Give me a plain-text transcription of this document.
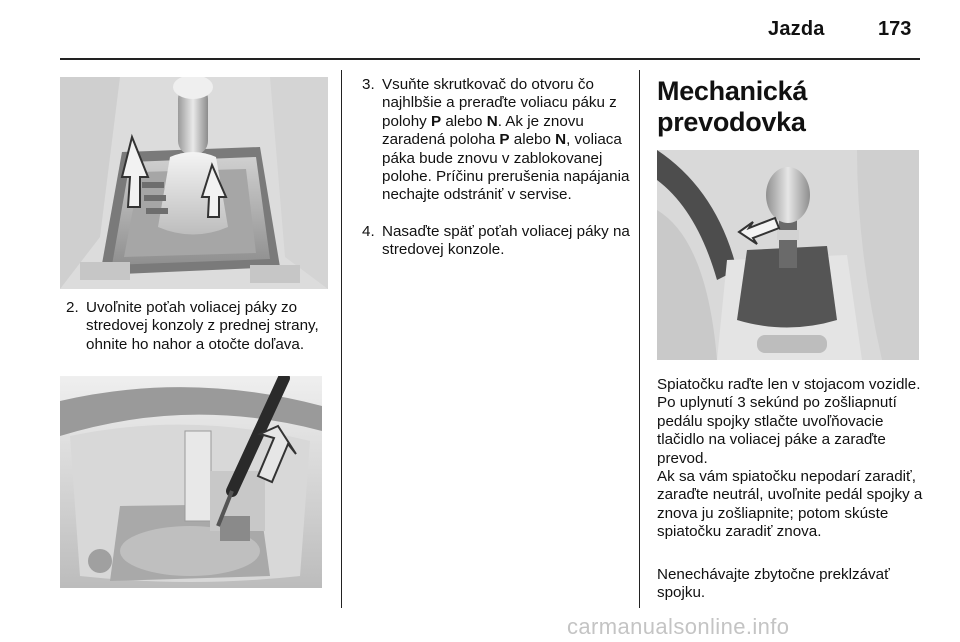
Jazda	173
2. Uvoľnite poťah voliacej páky zo stredovej konzoly z prednej strany, ohnite ho nahor a otočte doľava.
3. Vsuňte skrutkovač do otvoru čo najhlbšie a preraďte voliacu páku z polohy P alebo N. Ak je znovu zaradená poloha P alebo N, voliaca páka bude znovu v zablokovanej polohe. Príčinu prerušenia napájania nechajte odstrániť v servise.
4. Nasaďte späť poťah voliacej páky na stredovej konzole.
Mechanická
prevodovka

Spiatočku raďte len v stojacom vozidle. Po uplynutí 3 sekúnd po zošliapnutí pedálu spojky stlačte uvoľňovacie tlačidlo na voliacej páke a zaraďte prevod.

Ak sa vám spiatočku nepodarí zaradiť, zaraďte neutrál, uvoľnite pedál spojky a znova ju zošliapnite; potom skúste spiatočku zaradiť znova.

Nenechávajte zbytočne preklzávať spojku.

carmanualsonline.info
